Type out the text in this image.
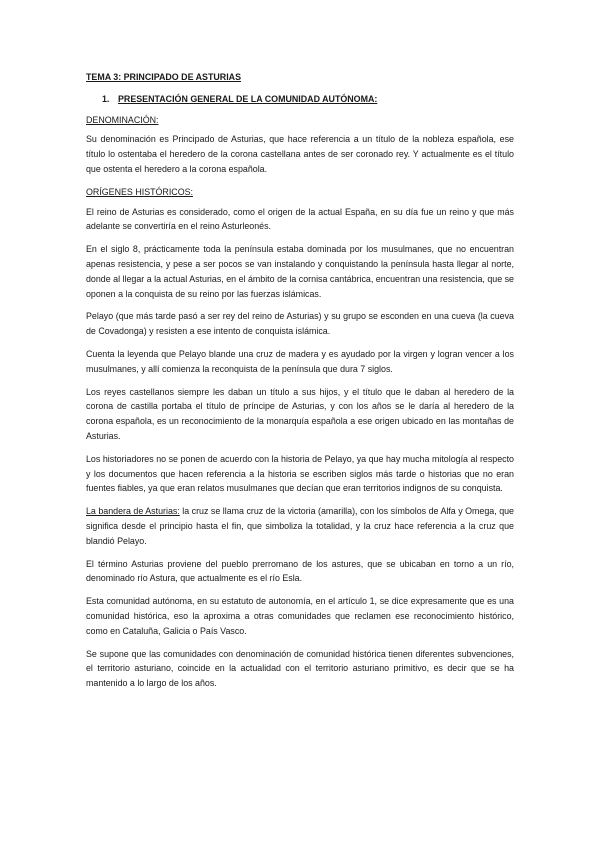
TEMA 3: PRINCIPADO DE ASTURIAS

1. PRESENTACIÓN GENERAL DE LA COMUNIDAD AUTÓNOMA:

DENOMINACIÓN:

Su denominación es Principado de Asturias, que hace referencia a un título de la nobleza española, ese título lo ostentaba el heredero de la corona castellana antes de ser coronado rey. Y actualmente es el título que ostenta el heredero a la corona española.

ORÍGENES HISTÓRICOS:

El reino de Asturias es considerado, como el origen de la actual España, en su día fue un reino y que más adelante se convertiría en el reino Asturleonés.

En el siglo 8, prácticamente toda la península estaba dominada por los musulmanes, que no encuentran apenas resistencia, y pese a ser pocos se van instalando y conquistando la península hasta llegar al norte, donde al llegar a la actual Asturias, en el ámbito de la cornisa cantábrica, encuentran una resistencia, que se oponen a la conquista de su reino por las fuerzas islámicas.

Pelayo (que más tarde pasó a ser rey del reino de Asturias) y su grupo se esconden en una cueva (la cueva de Covadonga) y resisten a ese intento de conquista islámica.

Cuenta la leyenda que Pelayo blande una cruz de madera y es ayudado por la virgen y logran vencer a los musulmanes, y allí comienza la reconquista de la península que dura 7 siglos.

Los reyes castellanos siempre les daban un título a sus hijos, y el título que le daban al heredero de la corona de castilla portaba el título de príncipe de Asturias, y con los años se le daría al heredero de la corona española, es un reconocimiento de la monarquía española a ese origen ubicado en las montañas de Asturias.

Los historiadores no se ponen de acuerdo con la historia de Pelayo, ya que hay mucha mitología al respecto y los documentos que hacen referencia a la historia se escriben siglos más tarde o historias que no eran fuentes fiables, ya que eran relatos musulmanes que decían que eran territorios indignos de su conquista.

La bandera de Asturias: la cruz se llama cruz de la victoria (amarilla), con los símbolos de Alfa y Omega, que significa desde el principio hasta el fin, que simboliza la totalidad, y la cruz hace referencia a la cruz que blandió Pelayo.

El término Asturias proviene del pueblo prerromano de los astures, que se ubicaban en torno a un río, denominado río Astura, que actualmente es el río Esla.

Esta comunidad autónoma, en su estatuto de autonomía, en el artículo 1, se dice expresamente que es una comunidad histórica, eso la aproxima a otras comunidades que reclamen ese reconocimiento histórico, como en Cataluña, Galicia o País Vasco.

Se supone que las comunidades con denominación de comunidad histórica tienen diferentes subvenciones, el territorio asturiano, coincide en la actualidad con el territorio asturiano primitivo, es decir que se ha mantenido a lo largo de los años.
